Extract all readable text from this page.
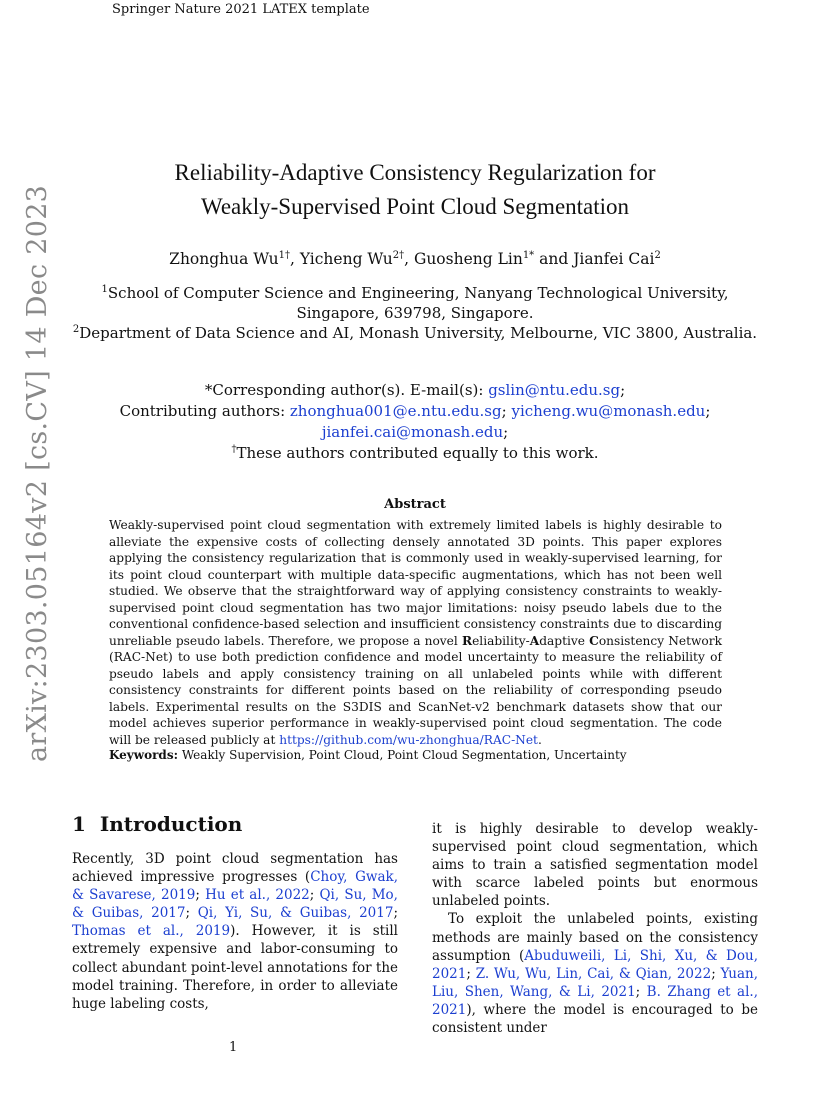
Springer Nature 2021 LATEX template
arXiv:2303.05164v2 [cs.CV] 14 Dec 2023
Reliability-Adaptive Consistency Regularization for
Weakly-Supervised Point Cloud Segmentation
Zhonghua $Wu^{1\dagger}$, Yicheng $Wu^{2\dagger}$, Guosheng Lin$^{1*}$ and Jianfei Cai$^2$
$^1$School of Computer Science and Engineering, Nanyang Technological University,
Singapore, 639798, Singapore.
$^2$Department of Data Science and AI, Monash University, Melbourne, VIC 3800, Australia.
*Corresponding author(s). E-mail(s): gslin@ntu.edu.sg;
Contributing authors: zhonghua001@e.ntu.edu.sg; yicheng.wu@monash.edu;
jianfei.cai@monash.edu;
†These authors contributed equally to this work.
Abstract
Weakly-supervised point cloud segmentation with extremely limited labels is highly desirable to alleviate the expensive costs of collecting densely annotated 3D points. This paper explores applying the consistency regularization that is commonly used in weakly-supervised learning, for its point cloud counterpart with multiple data-specific augmentations, which has not been well studied. We observe that the straightforward way of applying consistency constraints to weakly-supervised point cloud segmentation has two major limitations: noisy pseudo labels due to the conventional confidence-based selection and insufficient consistency constraints due to discarding unreliable pseudo labels. Therefore, we propose a novel Reliability-Adaptive Consistency Network (RAC-Net) to use both prediction confidence and model uncertainty to measure the reliability of pseudo labels and apply consistency training on all unlabeled points while with different consistency constraints for different points based on the reliability of corresponding pseudo labels. Experimental results on the S3DIS and ScanNet-v2 benchmark datasets show that our model achieves superior performance in weakly-supervised point cloud segmentation. The code will be released publicly at https://github.com/wu-zhonghua/RAC-Net.
Keywords: Weakly Supervision, Point Cloud, Point Cloud Segmentation, Uncertainty
1 Introduction

Recently, 3D point cloud segmentation has achieved impressive progresses (Choy, Gwak, & Savarese, 2019; Hu et al., 2022; Qi, Su, Mo, & Guibas, 2017; Qi, Yi, Su, & Guibas, 2017; Thomas et al., 2019). However, it is still extremely expensive and labor-consuming to collect abundant point-level annotations for the model training. Therefore, in order to alleviate huge labeling costs,

it is highly desirable to develop weakly-supervised point cloud segmentation, which aims to train a satisfied segmentation model with scarce labeled points but enormous unlabeled points.

To exploit the unlabeled points, existing methods are mainly based on the consistency assumption (Abuduweili, Li, Shi, Xu, & Dou, 2021; Z. Wu, Wu, Lin, Cai, & Qian, 2022; Yuan, Liu, Shen, Wang, & Li, 2021; B. Zhang et al., 2021), where the model is encouraged to be consistent under

1
